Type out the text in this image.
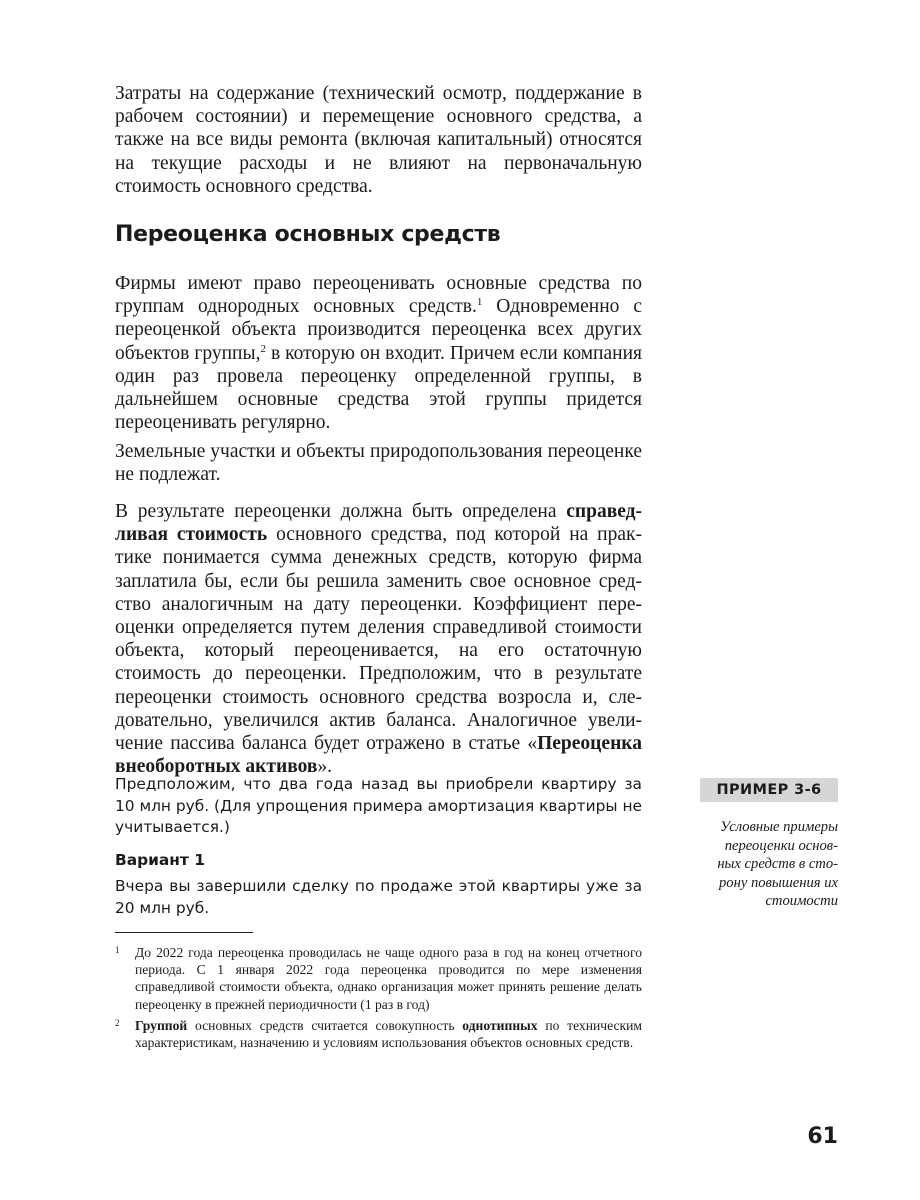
Затраты на содержание (технический осмотр, поддержание в рабочем состоянии) и перемещение основного средства, а также на все виды ремонта (включая капитальный) относятся на текущие расходы и не влияют на первоначальную стоимость основного средства.

Переоценка основных средств

Фирмы имеют право переоценивать основные средства по группам однородных основных средств.$^1$ Одновременно с переоценкой объекта производится переоценка всех других объектов группы,$^2$ в которую он входит. Причем если компания один раз провела переоценку определенной группы, в дальнейшем основные средства этой группы придется переоценивать регулярно.

Земельные участки и объекты природопользования переоценке не подлежат.

В результате переоценки должна быть определена справедливая стоимость основного средства, под которой на практике понимается сумма денежных средств, которую фирма заплатила бы, если бы решила заменить свое основное средство аналогичным на дату переоценки. Коэффициент переоценки определяется путем деления справедливой стоимости объекта, который переоценивается, на его остаточную стоимость до переоценки. Предположим, что в результате переоценки стоимость основного средства возросла и, следовательно, увеличился актив баланса. Аналогичное увеличение пассива баланса будет отражено в статье «Переоценка внеоборотных активов».

Предположим, что два года назад вы приобрели квартиру за 10 млн руб. (Для упрощения примера амортизация квартиры не учитывается.)

Вариант 1

Вчера вы завершили сделку по продаже этой квартиры уже за 20 млн руб.

1 До 2022 года переоценка проводилась не чаще одного раза в год на конец отчетного периода. С 1 января 2022 года переоценка проводится по мере изменения справедливой стоимости объекта, однако организация может принять решение делать переоценку в прежней периодичности (1 раз в год)
2 Группой основных средств считается совокупность однотипных по техническим характеристикам, назначению и условиям использования объектов основных средств.
ПРИМЕР 3-6
Условные примеры
переоценки основ-
ных средств в сто-
рону повышения их
стоимости
61
